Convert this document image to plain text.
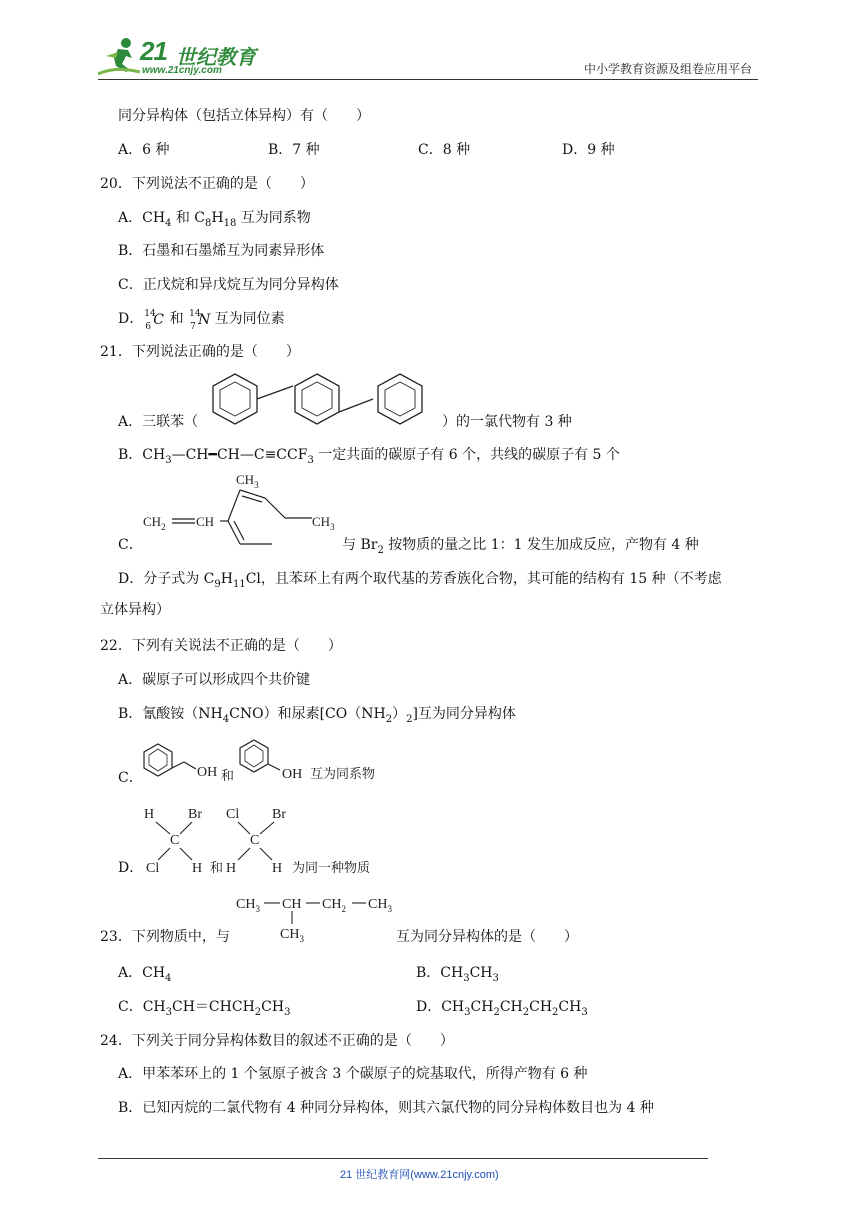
21 世纪教育
www.21cnjy.com	中小学教育资源及组卷应用平台
同分异构体（包括立体异构）有（　　）
A．6 种	B．7 种	C．8 种	D．9 种
20．下列说法不正确的是（　　）
A．$CH_4$ 和 $C_8H_{18}$ 互为同系物
B．石墨和石墨烯互为同素异形体
C．正戊烷和异戊烷互为同分异构体
D． 14
6 C 和 14
7 N 互为同位素
21．下列说法正确的是（　　）
A．三联苯（	）的一氯代物有 3 种
B．$CH_3—CH━CH—C\equiv CCF_3$ 一定共面的碳原子有 6 个，共线的碳原子有 5 个
$CH_2$ CH
$CH_3$
$CH_3$
C．	与 $Br_2$ 按物质的量之比 1：1 发生加成反应，产物有 4 种
D．分子式为 $C_9H_{11}Cl$，且苯环上有两个取代基的芳香族化合物，其可能的结构有 15 种（不考虑
立体异构）
22．下列有关说法不正确的是（　　）
A．碳原子可以形成四个共价键
B．氰酸铵$(NH_4CNO)$和尿素$[CO(NH_2)_2]$互为同分异构体
C．	OH 和	OH 互为同系物
D．
H Br
C
Cl H 和
Cl Br
C
H	H 为同一种物质
23．下列物质中，与
$CH_3$ CH $CH_2$ $CH_3$
$CH_3$	互为同分异构体的是（　　）
A．$CH_4$	B．$CH_3CH_3$
C．$CH_3CH=CHCH_2CH_3$	D．$CH_3CH_2CH_2CH_2CH_3$
24．下列关于同分异构体数目的叙述不正确的是（　　）
A．甲苯苯环上的 1 个氢原子被含 3 个碳原子的烷基取代，所得产物有 6 种
B．已知丙烷的二氯代物有 4 种同分异构体，则其六氯代物的同分异构体数目也为 4 种
21 世纪教育网(www.21cnjy.com)
